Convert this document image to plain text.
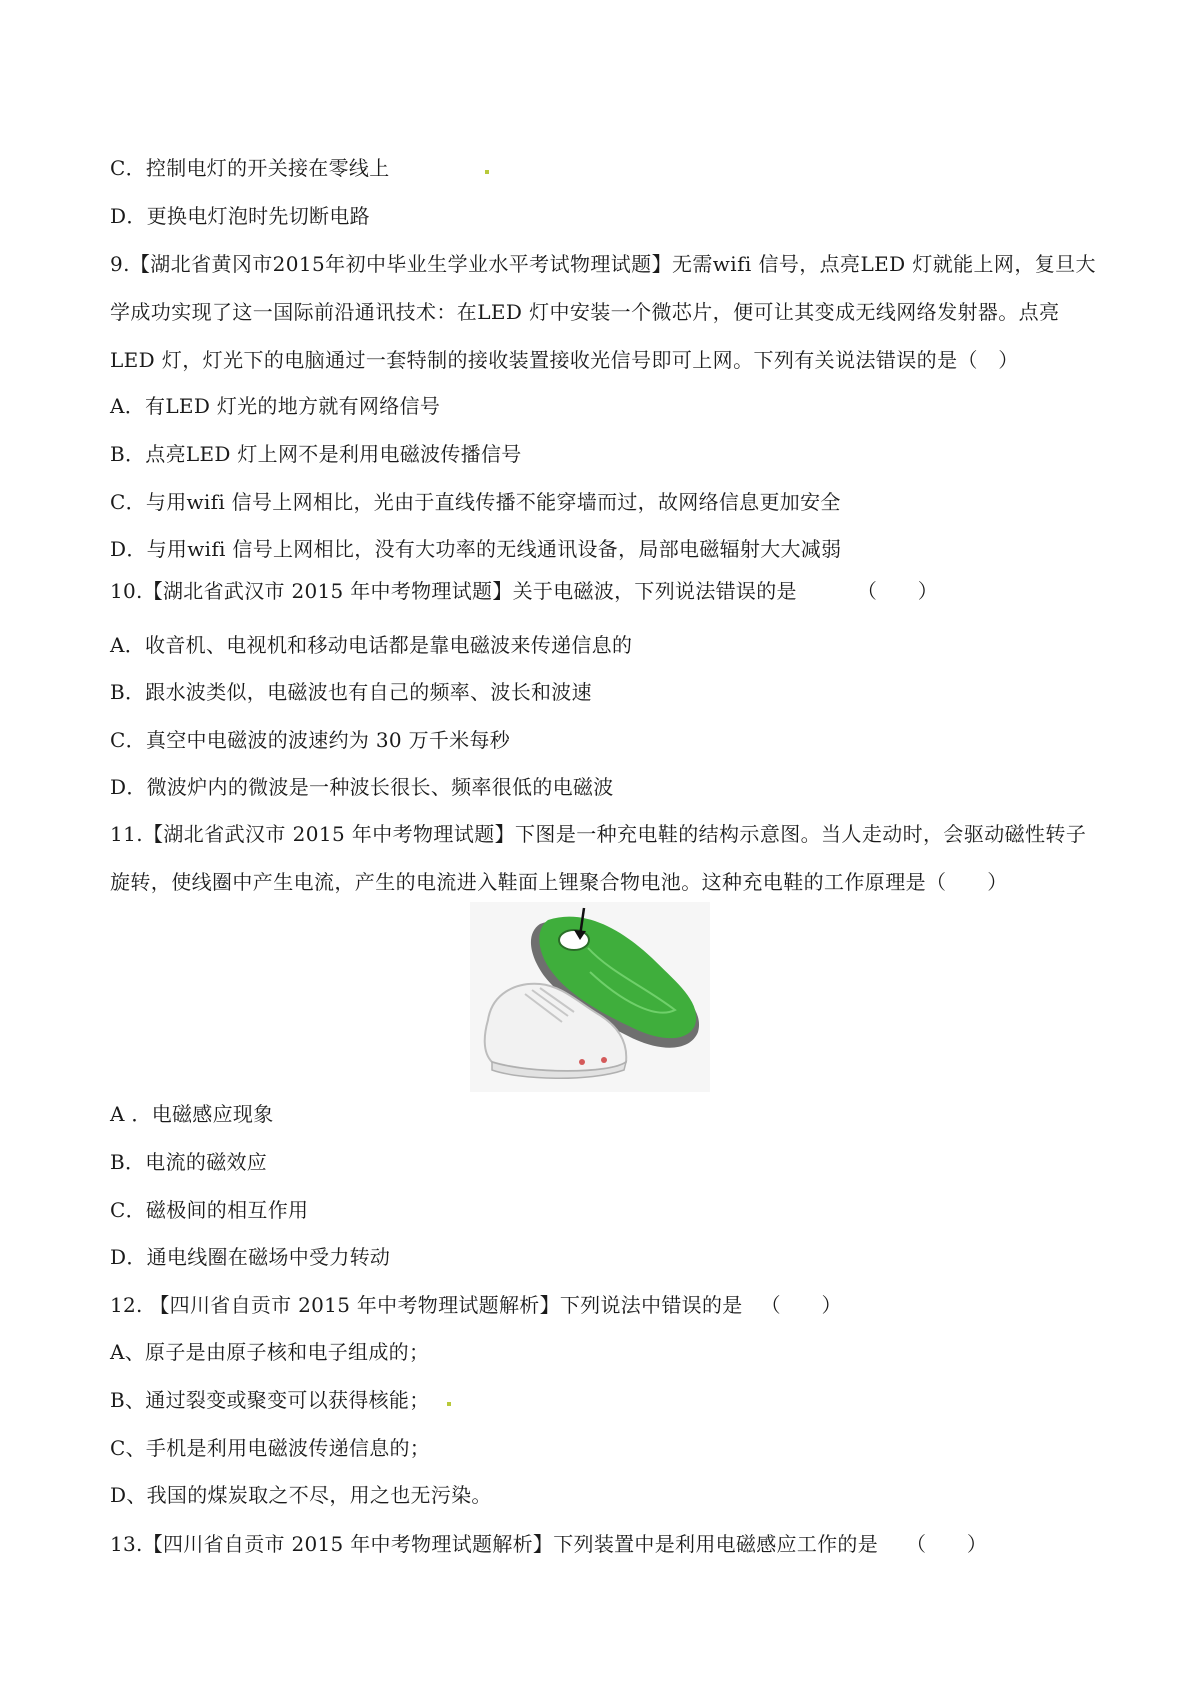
C．控制电灯的开关接在零线上
D．更换电灯泡时先切断电路
9.【湖北省黄冈市2015年初中毕业生学业水平考试物理试题】无需wifi 信号，点亮LED 灯就能上网，复旦大学成功实现了这一国际前沿通讯技术：在LED 灯中安装一个微芯片，便可让其变成无线网络发射器。点亮LED 灯，灯光下的电脑通过一套特制的接收装置接收光信号即可上网。下列有关说法错误的是（　）
A．有LED 灯光的地方就有网络信号
B．点亮LED 灯上网不是利用电磁波传播信号
C．与用wifi 信号上网相比，光由于直线传播不能穿墙而过，故网络信息更加安全
D．与用wifi 信号上网相比，没有大功率的无线通讯设备，局部电磁辐射大大减弱
10.【湖北省武汉市 2015 年中考物理试题】关于电磁波，下列说法错误的是	（　　）
A．收音机、电视机和移动电话都是靠电磁波来传递信息的
B．跟水波类似，电磁波也有自己的频率、波长和波速
C．真空中电磁波的波速约为 30 万千米每秒
D．微波炉内的微波是一种波长很长、频率很低的电磁波
11.【湖北省武汉市 2015 年中考物理试题】下图是一种充电鞋的结构示意图。当人走动时，会驱动磁性转子旋转，使线圈中产生电流，产生的电流进入鞋面上锂聚合物电池。这种充电鞋的工作原理是（　　）
A ．电磁感应现象
B．电流的磁效应
C．磁极间的相互作用
D．通电线圈在磁场中受力转动
12. 【四川省自贡市 2015 年中考物理试题解析】下列说法中错误的是 （　　）
A、原子是由原子核和电子组成的；
B、通过裂变或聚变可以获得核能；
C、手机是利用电磁波传递信息的；
D、我国的煤炭取之不尽，用之也无污染。
13.【四川省自贡市 2015 年中考物理试题解析】下列装置中是利用电磁感应工作的是 （　　）
